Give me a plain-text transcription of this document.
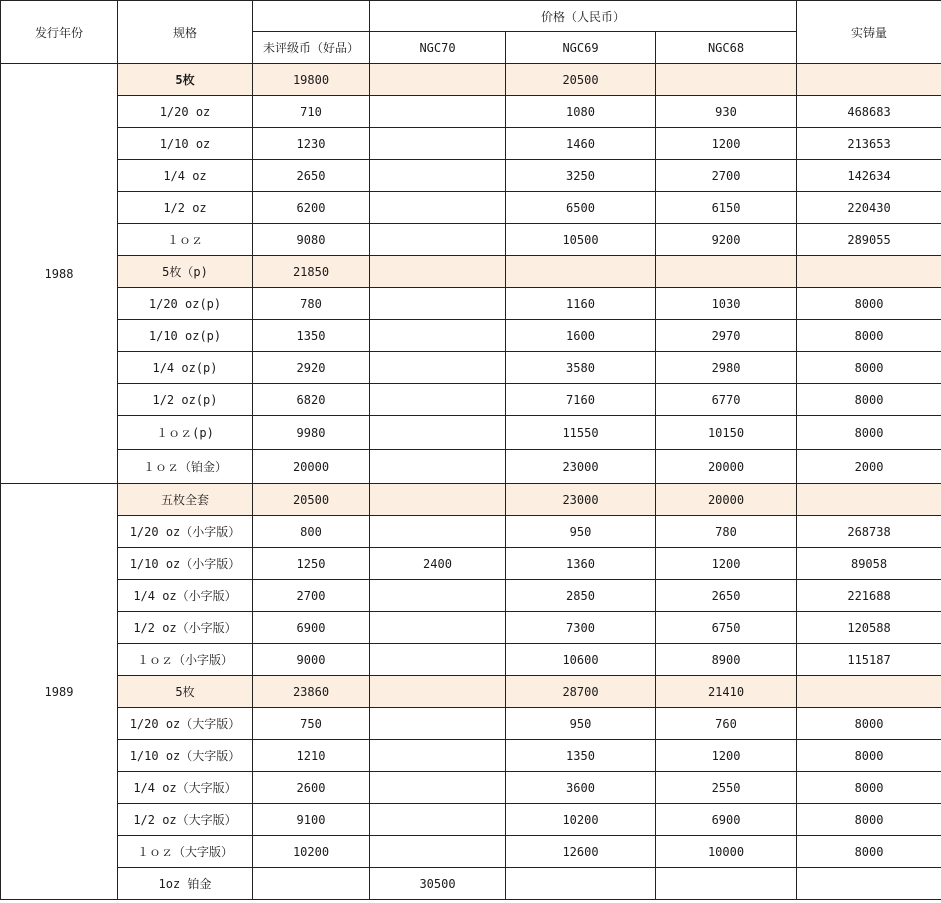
发行年份	规格		价格（人民币）			实铸量
		未评级币（好品）	NGC70	NGC69	NGC68	
1988	5枚	19800		20500		
	1/20 oz	710		1080	930	468683
	1/10 oz	1230		1460	1200	213653
	1/4 oz	2650		3250	2700	142634
	1/2 oz	6200		6500	6150	220430
	１ｏｚ	9080		10500	9200	289055
	5枚（p)	21850				
	1/20 oz(p)	780		1160	1030	8000
	1/10 oz(p)	1350		1600	2970	8000
	1/4 oz(p)	2920		3580	2980	8000
	1/2 oz(p)	6820		7160	6770	8000
	１ｏｚ(p)	9980		11550	10150	8000
	１ｏｚ（铂金）	20000		23000	20000	2000
1989	五枚全套	20500		23000	20000	
	1/20 oz（小字版）	800		950	780	268738
	1/10 oz（小字版）	1250	2400	1360	1200	89058
	1/4 oz（小字版）	2700		2850	2650	221688
	1/2 oz（小字版）	6900		7300	6750	120588
	１ｏｚ（小字版）	9000		10600	8900	115187
	5枚	23860		28700	21410	
	1/20 oz（大字版）	750		950	760	8000
	1/10 oz（大字版）	1210		1350	1200	8000
	1/4 oz（大字版）	2600		3600	2550	8000
	1/2 oz（大字版）	9100		10200	6900	8000
	１ｏｚ（大字版）	10200		12600	10000	8000
	1oz 铂金		30500			
